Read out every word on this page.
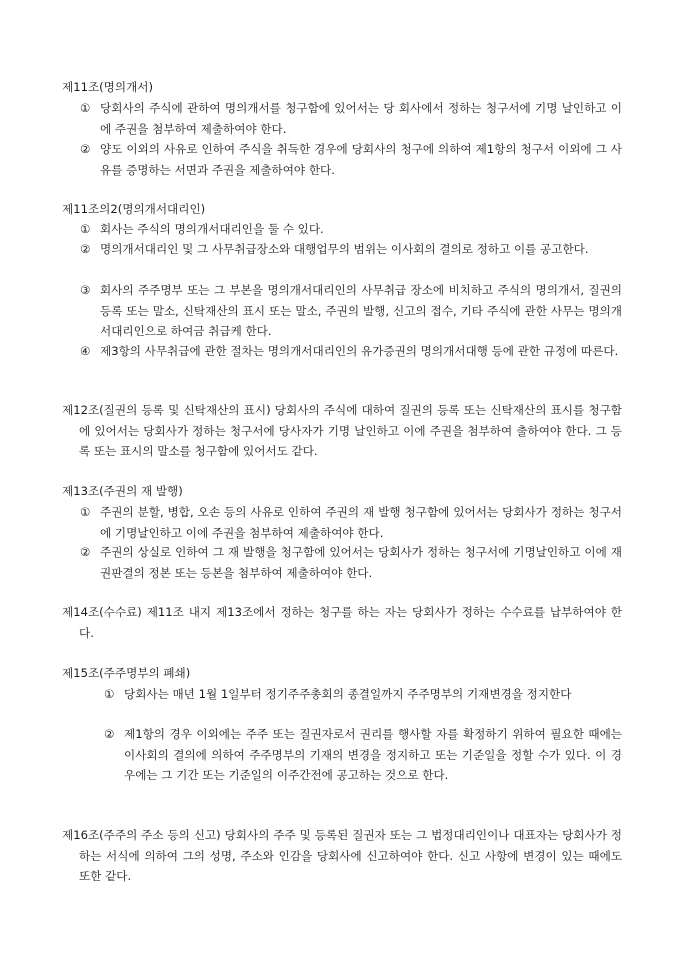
제11조(명의개서)
① 당회사의 주식에 관하여 명의개서를 청구함에 있어서는 당 회사에서 정하는 청구서에 기명 날인하고 이에 주권을 첨부하여 제출하여야 한다.
② 양도 이외의 사유로 인하여 주식을 취득한 경우에 당회사의 청구에 의하여 제1항의 청구서 이외에 그 사유를 증명하는 서면과 주권을 제출하여야 한다.
제11조의2(명의개서대리인)
① 회사는 주식의 명의개서대리인을 둘 수 있다.
② 명의개서대리인 및 그 사무취급장소와 대행업무의 범위는 이사회의 결의로 정하고 이를 공고한다.
③ 회사의 주주명부 또는 그 부본을 명의개서대리인의 사무취급 장소에 비치하고 주식의 명의개서, 질권의 등록 또는 말소, 신탁재산의 표시 또는 말소, 주권의 발행, 신고의 접수, 기타 주식에 관한 사무는 명의개서대리인으로 하여금 취급케 한다.
④ 제3항의 사무취급에 관한 절차는 명의개서대리인의 유가증권의 명의개서대행 등에 관한 규정에 따른다.
제12조(질권의 등록 및 신탁재산의 표시) 당회사의 주식에 대하여 질권의 등록 또는 신탁재산의 표시를 청구함에 있어서는 당회사가 정하는 청구서에 당사자가 기명 날인하고 이에 주권을 첨부하여 출하여야 한다. 그 등록 또는 표시의 말소를 청구함에 있어서도 같다.
제13조(주권의 재 발행)
① 주권의 분할, 병합, 오손 등의 사유로 인하여 주권의 재 발행 청구함에 있어서는 당회사가 정하는 청구서에 기명날인하고 이에 주권을 첨부하여 제출하여야 한다.
② 주권의 상실로 인하여 그 재 발행을 청구함에 있어서는 당회사가 정하는 청구서에 기명날인하고 이에 재권판결의 정본 또는 등본을 첨부하여 제출하여야 한다.
제14조(수수료) 제11조 내지 제13조에서 정하는 청구를 하는 자는 당회사가 정하는 수수료를 납부하여야 한다.
제15조(주주명부의 폐쇄)
① 당회사는 매년 1월 1일부터 정기주주총회의 종결일까지 주주명부의 기재변경을 정지한다
② 제1항의 경우 이외에는 주주 또는 질권자로서 권리를 행사할 자를 확정하기 위하여 필요한 때에는 이사회의 결의에 의하여 주주명부의 기재의 변경을 정지하고 또는 기준일을 정할 수가 있다. 이 경우에는 그 기간 또는 기준일의 이주간전에 공고하는 것으로 한다.
제16조(주주의 주소 등의 신고) 당회사의 주주 및 등록된 질권자 또는 그 법정대리인이나 대표자는 당회사가 정하는 서식에 의하여 그의 성명, 주소와 인감을 당회사에 신고하여야 한다. 신고 사항에 변경이 있는 때에도 또한 같다.
